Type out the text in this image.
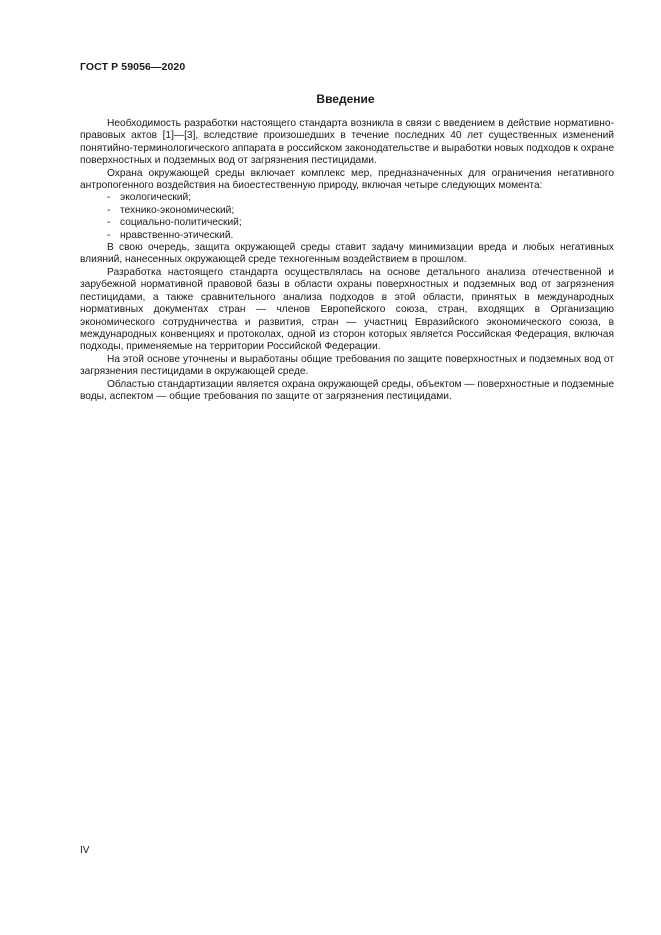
ГОСТ Р 59056—2020
Введение

Необходимость разработки настоящего стандарта возникла в связи с введением в действие нормативно-правовых актов [1]—[3], вследствие произошедших в течение последних 40 лет существенных изменений понятийно-терминологического аппарата в российском законодательстве и выработки новых подходов к охране поверхностных и подземных вод от загрязнения пестицидами.

Охрана окружающей среды включает комплекс мер, предназначенных для ограничения негативного антропогенного воздействия на биоестественную природу, включая четыре следующих момента:

- экологический;

- технико-экономический;

- социально-политический;

- нравственно-этический.

В свою очередь, защита окружающей среды ставит задачу минимизации вреда и любых негативных влияний, нанесенных окружающей среде техногенным воздействием в прошлом.

Разработка настоящего стандарта осуществлялась на основе детального анализа отечественной и зарубежной нормативной правовой базы в области охраны поверхностных и подземных вод от загрязнения пестицидами, а также сравнительного анализа подходов в этой области, принятых в международных нормативных документах стран — членов Европейского союза, стран, входящих в Организацию экономического сотрудничества и развития, стран — участниц Евразийского экономического союза, в международных конвенциях и протоколах, одной из сторон которых является Российская Федерация, включая подходы, применяемые на территории Российской Федерации.

На этой основе уточнены и выработаны общие требования по защите поверхностных и подземных вод от загрязнения пестицидами в окружающей среде.

Областью стандартизации является охрана окружающей среды, объектом — поверхностные и подземные воды, аспектом — общие требования по защите от загрязнения пестицидами.

IV
